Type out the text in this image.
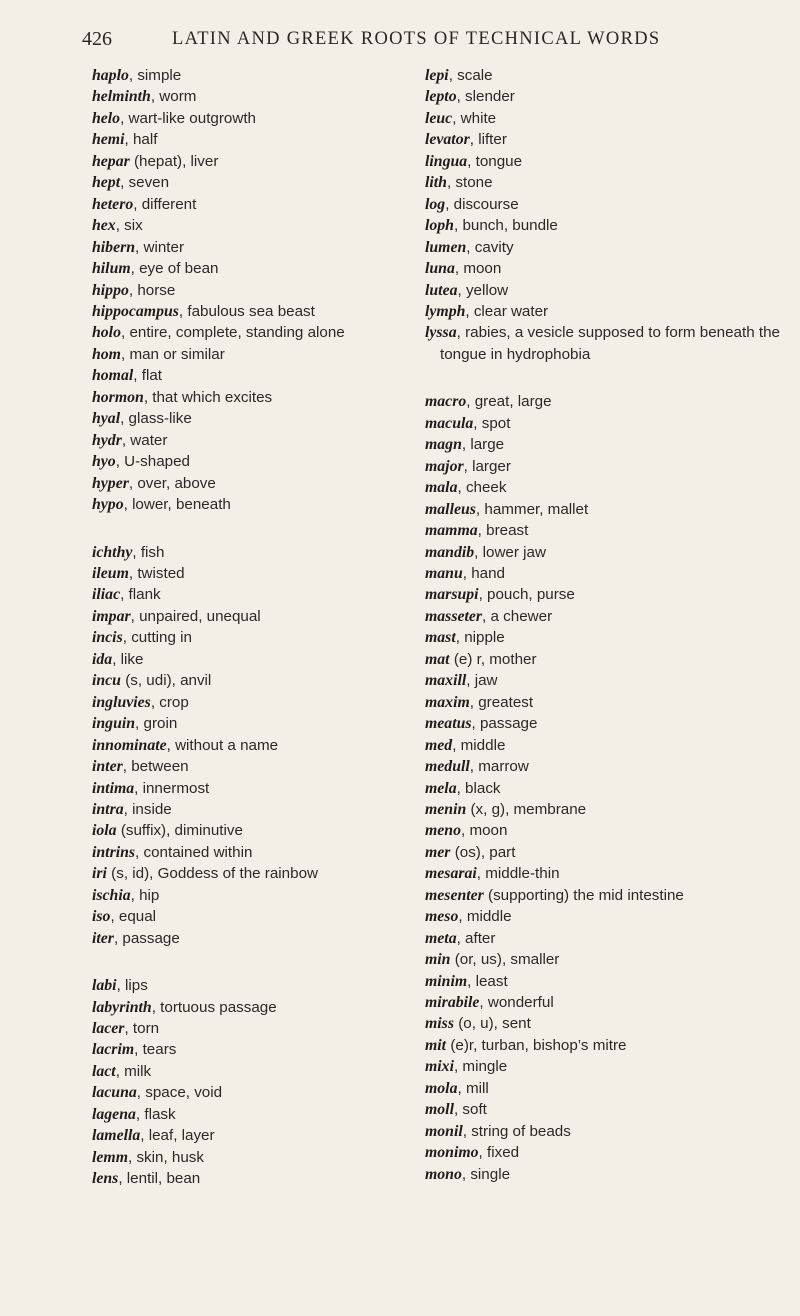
426	LATIN AND GREEK ROOTS OF TECHNICAL WORDS
haplo, simple
helminth, worm
helo, wart-like outgrowth
hemi, half
hepar (hepat), liver
hept, seven
hetero, different
hex, six
hibern, winter
hilum, eye of bean
hippo, horse
hippocampus, fabulous sea beast
holo, entire, complete, standing alone
hom, man or similar
homal, flat
hormon, that which excites
hyal, glass-like
hydr, water
hyo, U-shaped
hyper, over, above
hypo, lower, beneath
ichthy, fish
ileum, twisted
iliac, flank
impar, unpaired, unequal
incis, cutting in
ida, like
incu (s, udi), anvil
ingluvies, crop
inguin, groin
innominate, without a name
inter, between
intima, innermost
intra, inside
iola (suffix), diminutive
intrins, contained within
iri (s, id), Goddess of the rainbow
ischia, hip
iso, equal
iter, passage
labi, lips
labyrinth, tortuous passage
lacer, torn
lacrim, tears
lact, milk
lacuna, space, void
lagena, flask
lamella, leaf, layer
lemm, skin, husk
lens, lentil, bean
lepi, scale
lepto, slender
leuc, white
levator, lifter
lingua, tongue
lith, stone
log, discourse
loph, bunch, bundle
lumen, cavity
luna, moon
lutea, yellow
lymph, clear water
lyssa, rabies, a vesicle supposed to form beneath the tongue in hydrophobia
macro, great, large
macula, spot
magn, large
major, larger
mala, cheek
malleus, hammer, mallet
mamma, breast
mandib, lower jaw
manu, hand
marsupi, pouch, purse
masseter, a chewer
mast, nipple
mat (e) r, mother
maxill, jaw
maxim, greatest
meatus, passage
med, middle
medull, marrow
mela, black
menin (x, g), membrane
meno, moon
mer (os), part
mesarai, middle-thin
mesenter (supporting) the mid intestine
meso, middle
meta, after
min (or, us), smaller
minim, least
mirabile, wonderful
miss (o, u), sent
mit (e)r, turban, bishop’s mitre
mixi, mingle
mola, mill
moll, soft
monil, string of beads
monimo, fixed
mono, single
